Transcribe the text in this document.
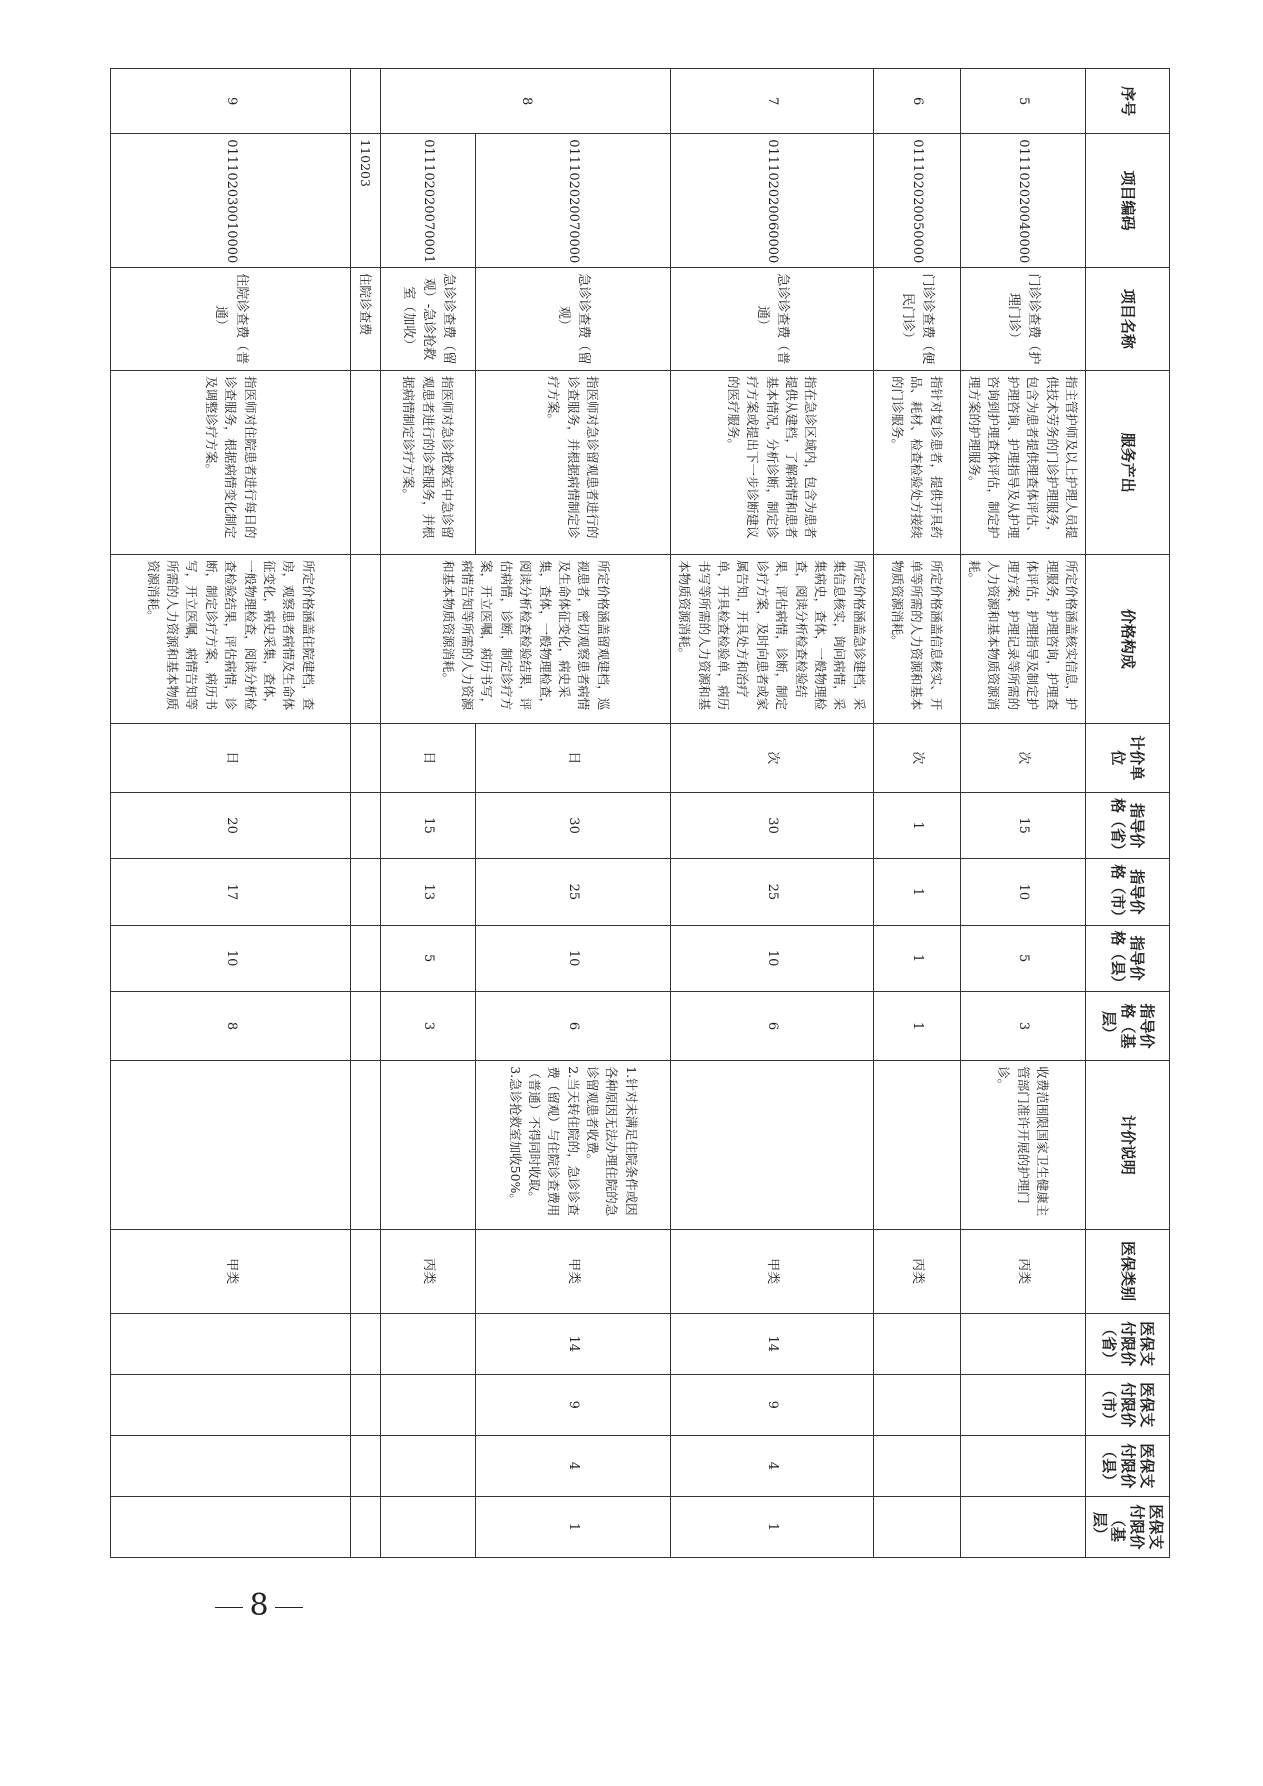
序号	项目编码	项目名称	服务产出	价格构成	计价单位	指导价格（省）	指导价格（市）	指导价格（县）	指导价格（基层）	计价说明	医保类别	医保支付限价（省）	医保支付限价（市）	医保支付限价（县）	医保支付限价（基层）
5	011102020040000	门诊诊查费（护理门诊）	指主管护师及以上护理人员提供技术劳务的门诊护理服务，包含为患者提供理查体评估、护理咨询、护理指导及从护理咨询到护理查体评估，制定护理方案的护理服务。	所定价格涵盖核实信息，护理服务，护理咨询，护理查体评估，护理指导及制定护理方案，护理记录等所需的人力资源和基本物质资源消耗。	次	15	10	5	3	收费范围限国家卫生健康主管部门准许开展的护理门诊。	丙类				
6	011102020050000	门诊诊查费（便民门诊）	指针对复诊患者，提供开具药品、耗材、检查检验处方接续的门诊服务。	所定价格涵盖信息核实、开单等所需的人力资源和基本物质资源消耗。	次	1	1	1	1		丙类				
7	011102020060000	急诊诊查费（普通）	指在急诊区域内，包含为患者提供从建档，了解病情和患者基本情况，分析诊断，制定诊疗方案或提出下一步诊断建议的医疗服务。	所定价格涵盖急诊建档，采集信息核实，询问病情，采集病史，查体，一般物理检查，阅读分析检查检验结果，评估病情，诊断，制定诊疗方案，及时向患者或家属告知，开具处方和治疗单，开具检查检验单，病历书写等所需的人力资源和基本物质资源消耗。	次	30	25	10	6		甲类	14	9	4	1
8	011102020070000	急诊诊查费（留观）	指医师对急诊留观患者进行的诊查服务，并根据病情制定诊疗方案。	所定价格涵盖留观建档，巡视患者，密切观察患者病情及生命体征变化，病史采集，查体，一般物理检查，阅读分析检查检验结果，评估病情，诊断，制定诊疗方案，开立医嘱，病历书写，病情告知等所需的人力资源和基本物质资源消耗。	日	30	25	10	6	1.针对未满足住院条件或因各种原因无法办理住院的急诊留观患者收费。
2.当天转住院的，急诊诊查费（留观）与住院诊查费用（普通）不得同时收取。
3.急诊抢救室加收50%。	甲类	14	9	4	1
	011102020070001	急诊诊查费（留观）-急诊抢救室（加收）	指医师对急诊抢救室中急诊留观患者进行的诊查服务，并根据病情制定诊疗方案。		日	15	13	5	3		丙类				
	110203	住院诊查费													
9	011102030010000	住院诊查费（普通）	指医师对住院患者进行每日的诊查服务，根据病情变化制定及调整诊疗方案。	所定价格涵盖住院建档，查房，观察患者病情及生命体征变化，病史采集，查体，一般物理检查，阅读分析检查检验结果，评估病情，诊断，制定诊疗方案，病历书写，开立医嘱，病情告知等所需的人力资源和基本物质资源消耗。	日	20	17	10	8		甲类				
8
